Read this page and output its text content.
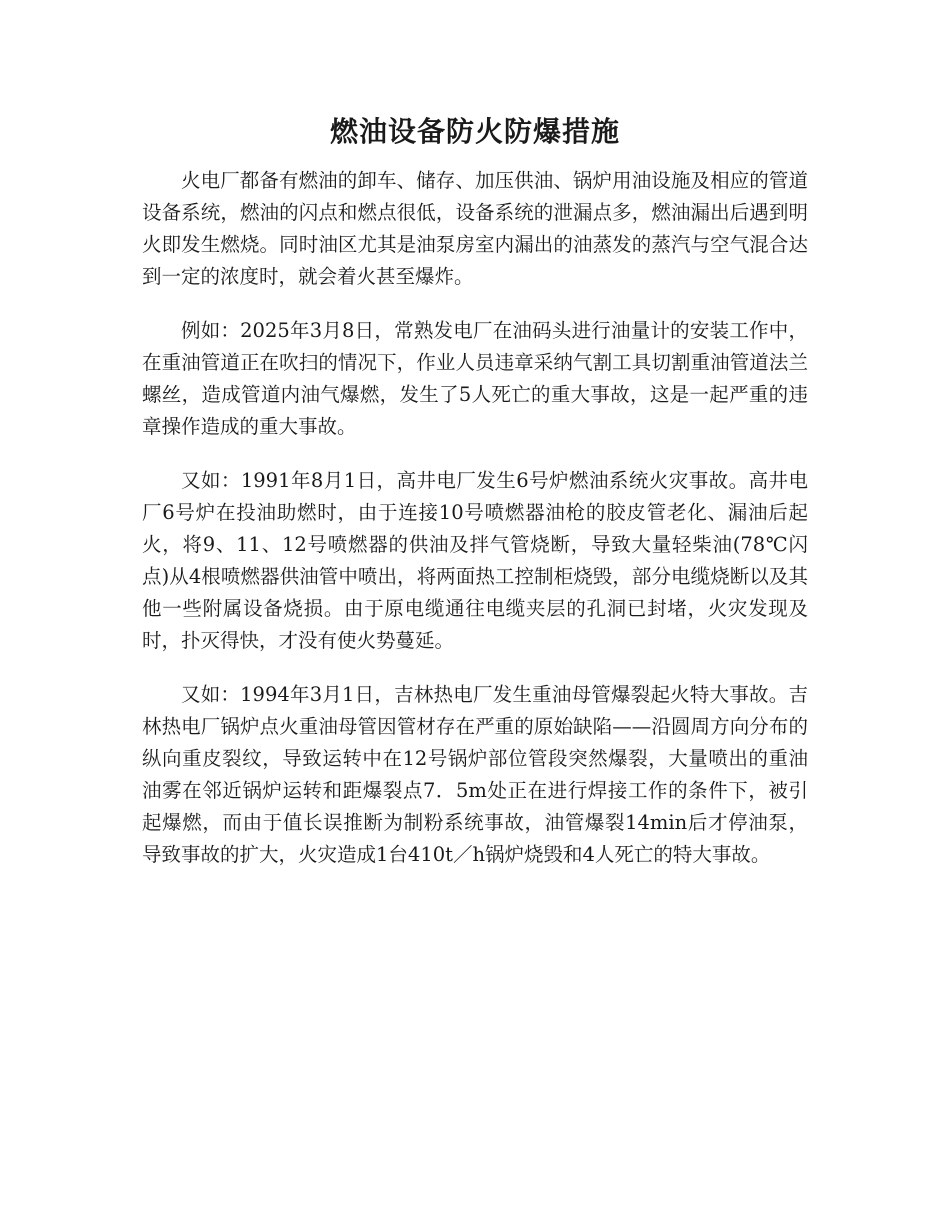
燃油设备防火防爆措施

火电厂都备有燃油的卸车、储存、加压供油、锅炉用油设施及相应的管道设备系统，燃油的闪点和燃点很低，设备系统的泄漏点多，燃油漏出后遇到明火即发生燃烧。同时油区尤其是油泵房室内漏出的油蒸发的蒸汽与空气混合达到一定的浓度时，就会着火甚至爆炸。

例如：2025年3月8日，常熟发电厂在油码头进行油量计的安装工作中，在重油管道正在吹扫的情况下，作业人员违章采纳气割工具切割重油管道法兰螺丝，造成管道内油气爆燃，发生了5人死亡的重大事故，这是一起严重的违章操作造成的重大事故。

又如：1991年8月1日，高井电厂发生6号炉燃油系统火灾事故。高井电厂6号炉在投油助燃时，由于连接10号喷燃器油枪的胶皮管老化、漏油后起火，将9、11、12号喷燃器的供油及拌气管烧断，导致大量轻柴油(78℃闪点)从4根喷燃器供油管中喷出，将两面热工控制柜烧毁，部分电缆烧断以及其他一些附属设备烧损。由于原电缆通往电缆夹层的孔洞已封堵，火灾发现及时，扑灭得快，才没有使火势蔓延。

又如：1994年3月1日，吉林热电厂发生重油母管爆裂起火特大事故。吉林热电厂锅炉点火重油母管因管材存在严重的原始缺陷——沿圆周方向分布的纵向重皮裂纹，导致运转中在12号锅炉部位管段突然爆裂，大量喷出的重油油雾在邻近锅炉运转和距爆裂点7．5m处正在进行焊接工作的条件下，被引起爆燃，而由于值长误推断为制粉系统事故，油管爆裂14min后才停油泵，导致事故的扩大，火灾造成1台410t／h锅炉烧毁和4人死亡的特大事故。
